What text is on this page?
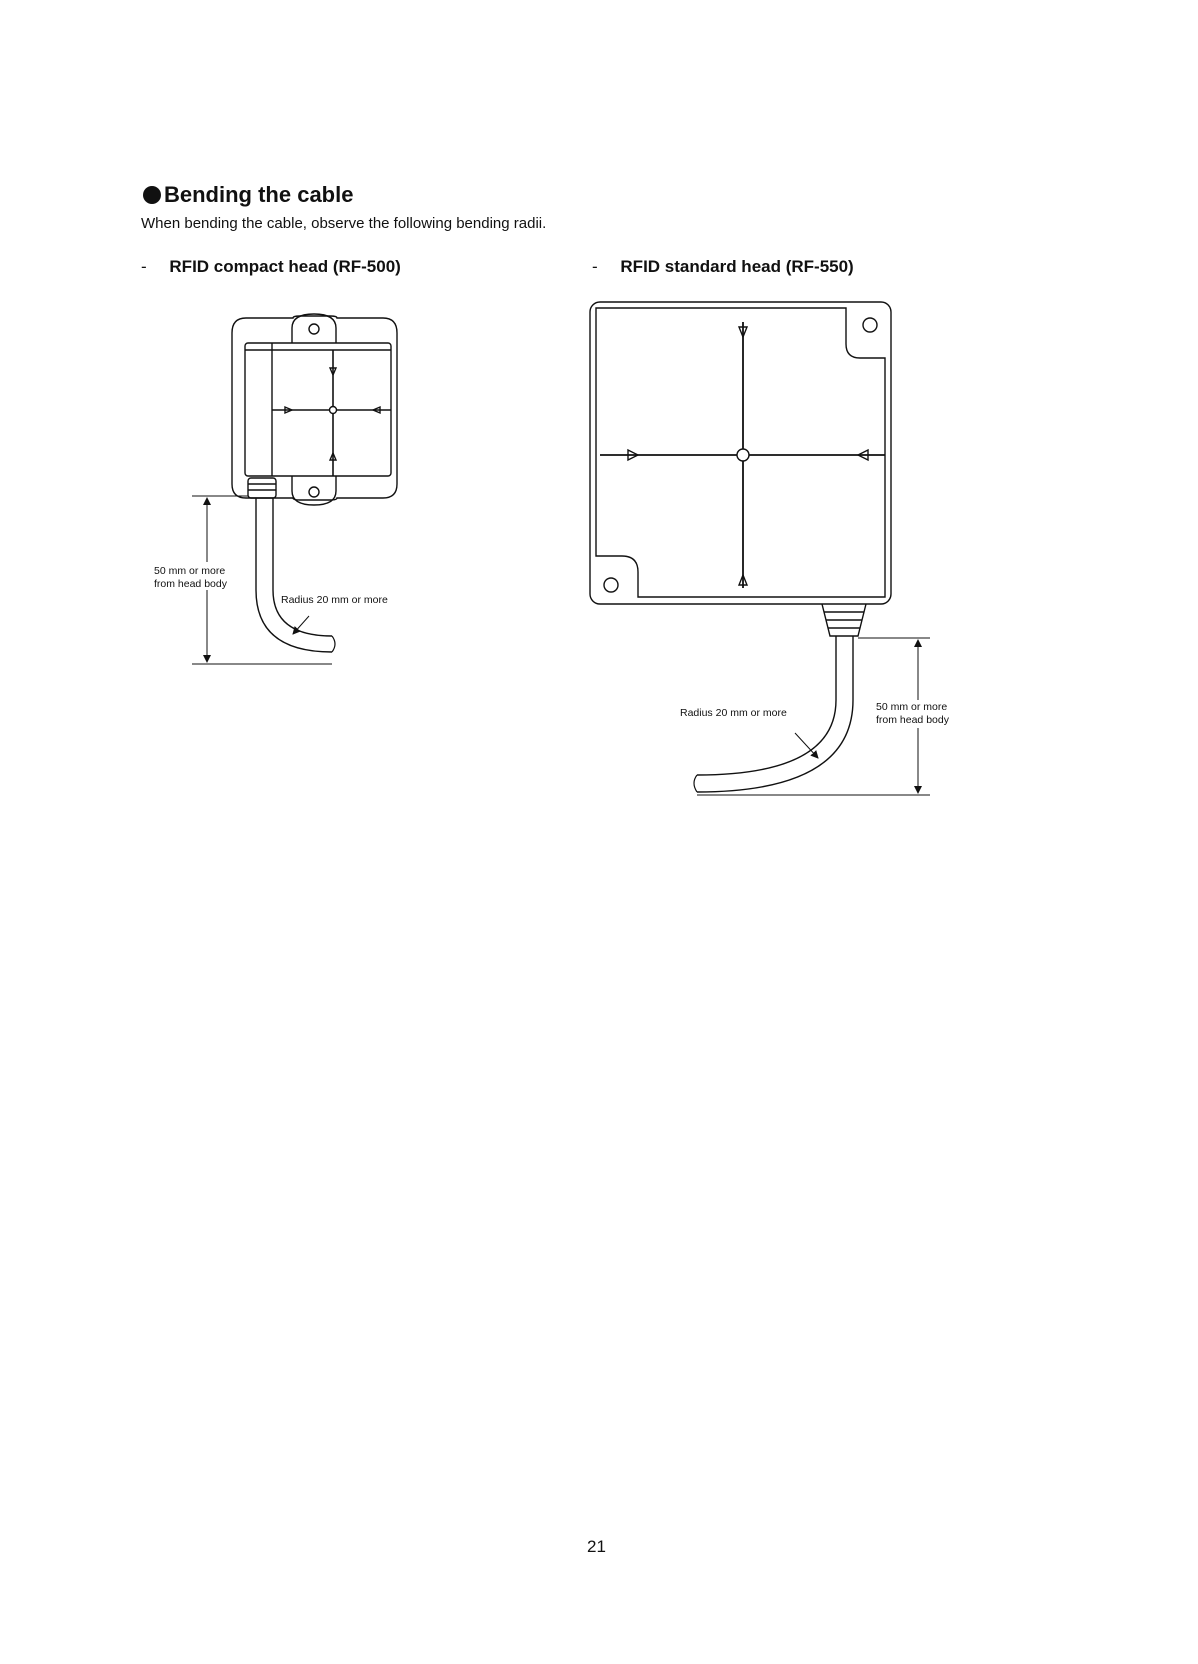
Bending the cable
When bending the cable, observe the following bending radii.
- RFID compact head (RF-500)	- RFID standard head (RF-550)
50 mm or more
from head body
Radius 20 mm or more
Radius 20 mm or more	50 mm or more
from head body
21
